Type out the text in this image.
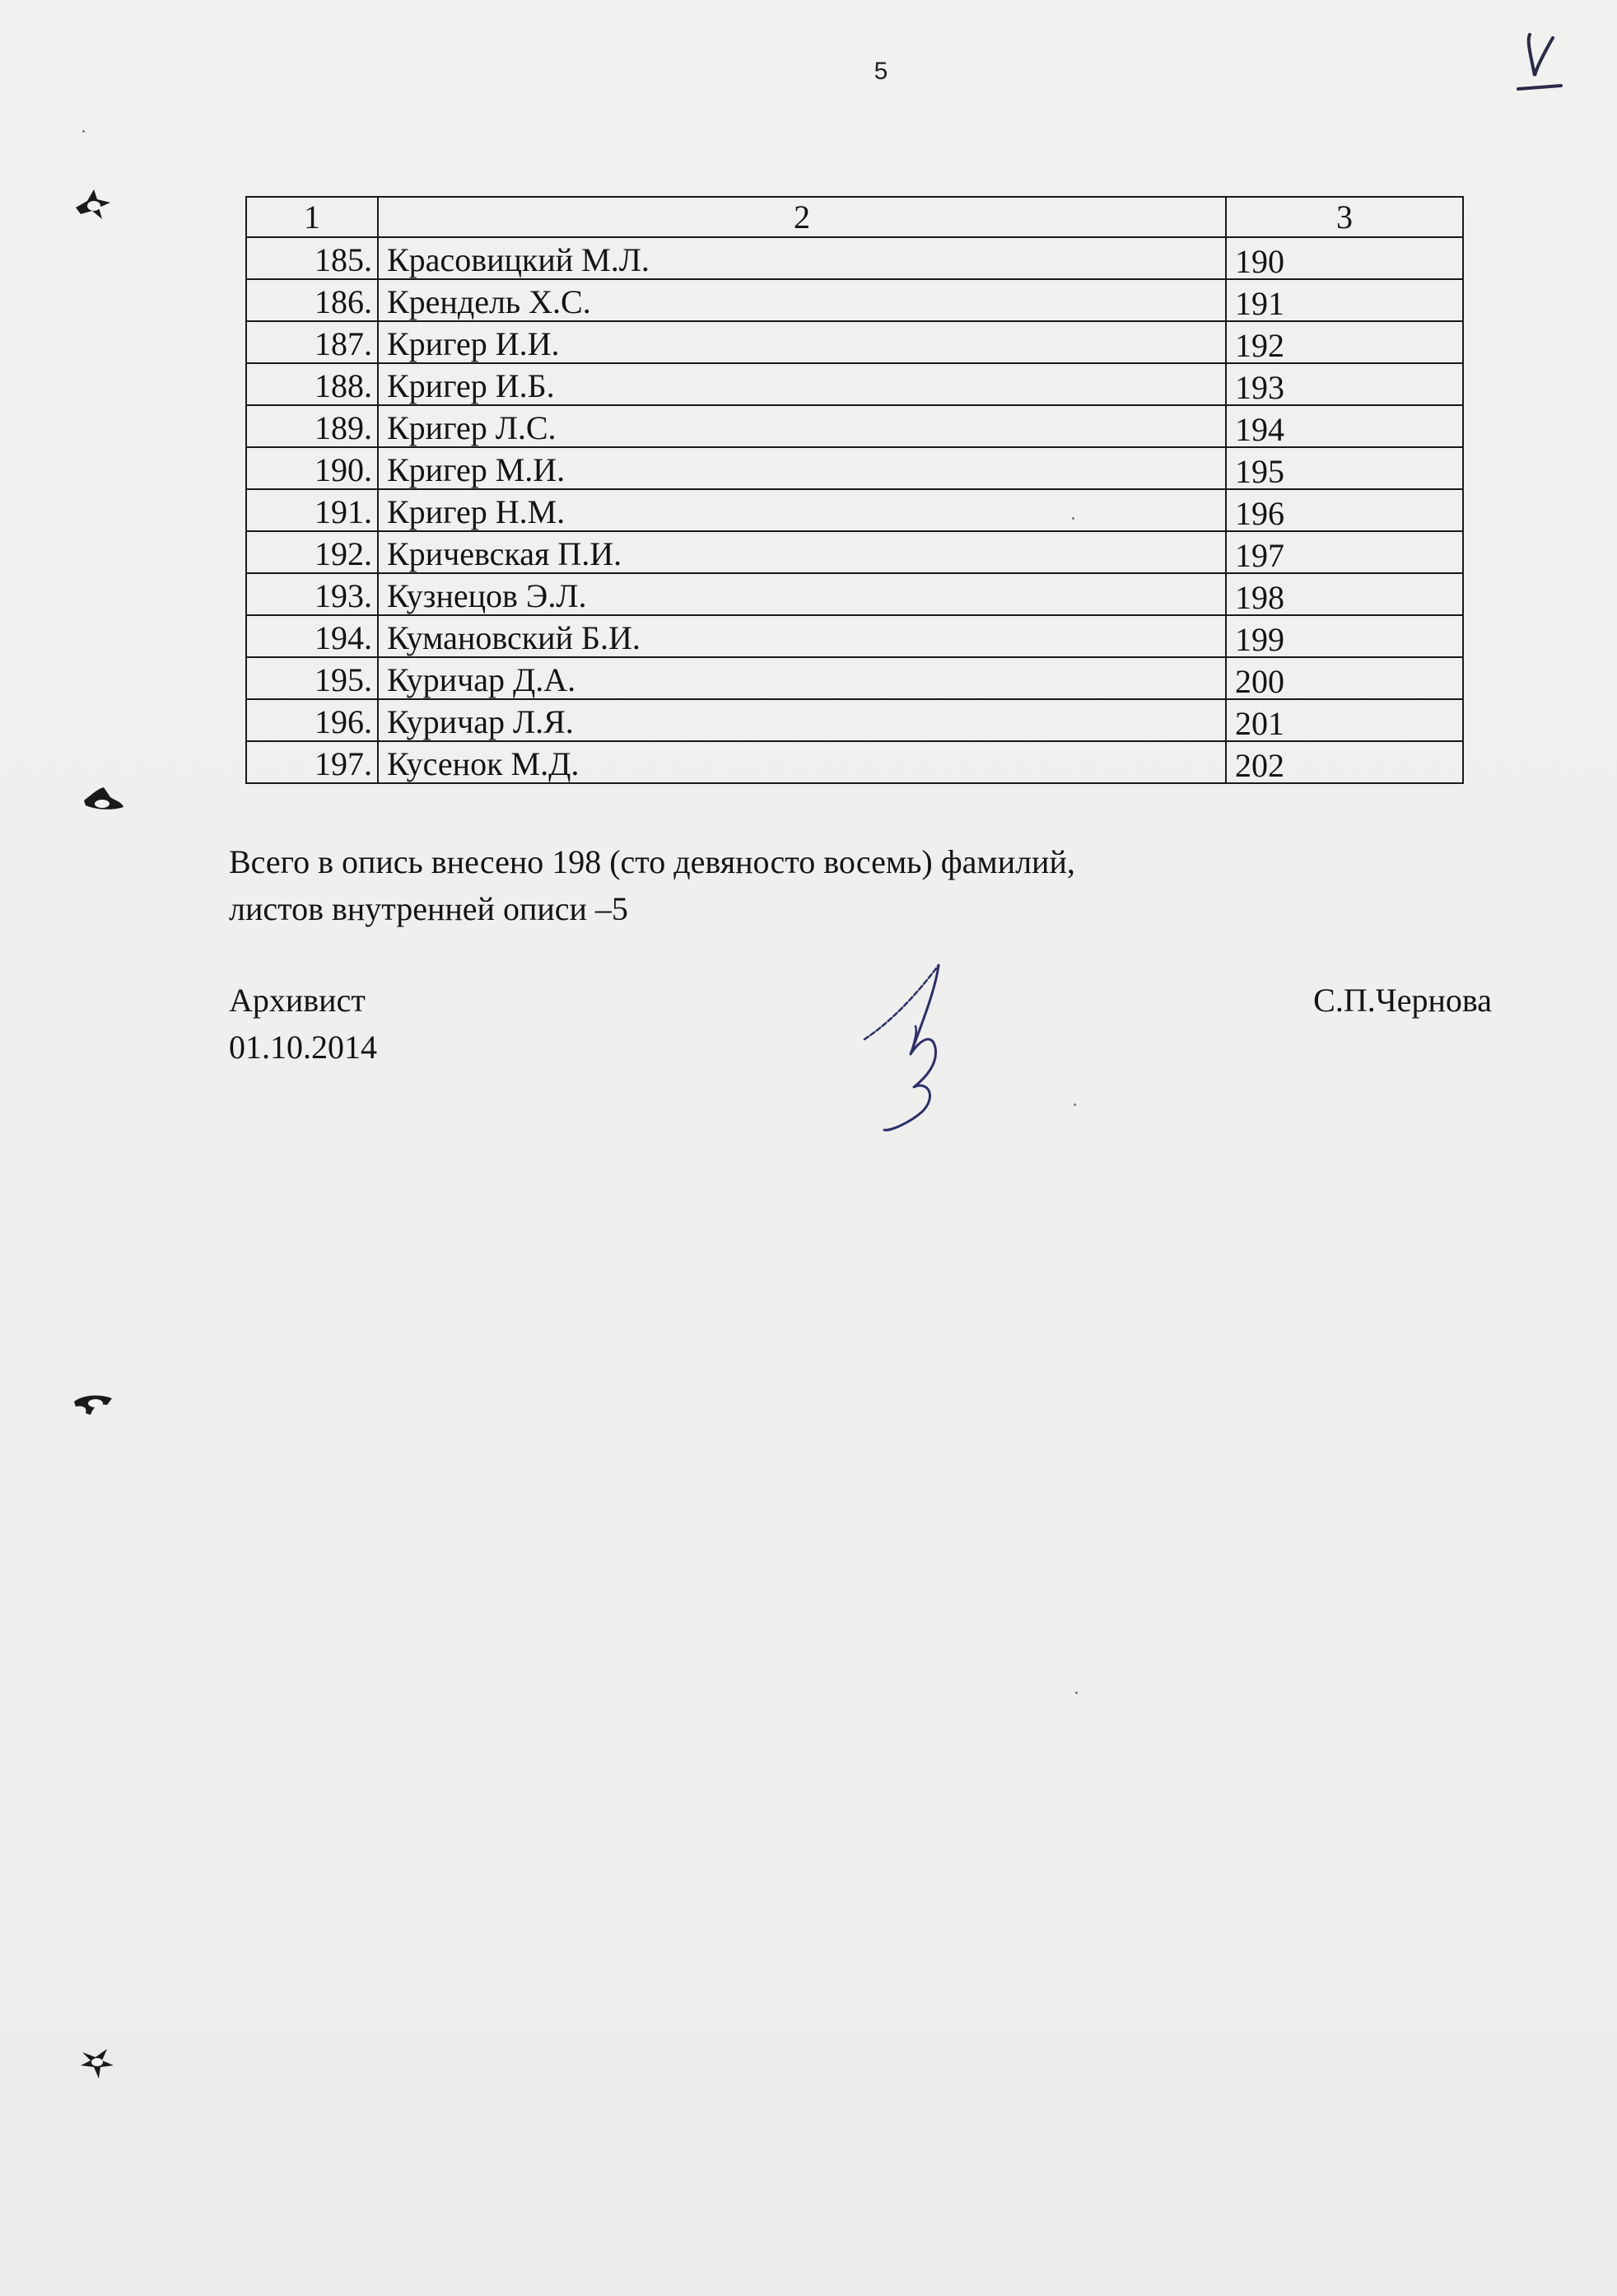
5
1	2	3
185.	Красовицкий М.Л.	190
186.	Крендель Х.С.	191
187.	Кригер И.И.	192
188.	Кригер И.Б.	193
189.	Кригер Л.С.	194
190.	Кригер М.И.	195
191.	Кригер Н.М.	196
192.	Кричевская П.И.	197
193.	Кузнецов Э.Л.	198
194.	Кумановский Б.И.	199
195.	Куричар Д.А.	200
196.	Куричар Л.Я.	201
197.	Кусенок М.Д.	202
Всего в опись внесено 198 (сто девяносто восемь) фамилий,
листов внутренней описи –5
Архивист
01.10.2014
С.П.Чернова
